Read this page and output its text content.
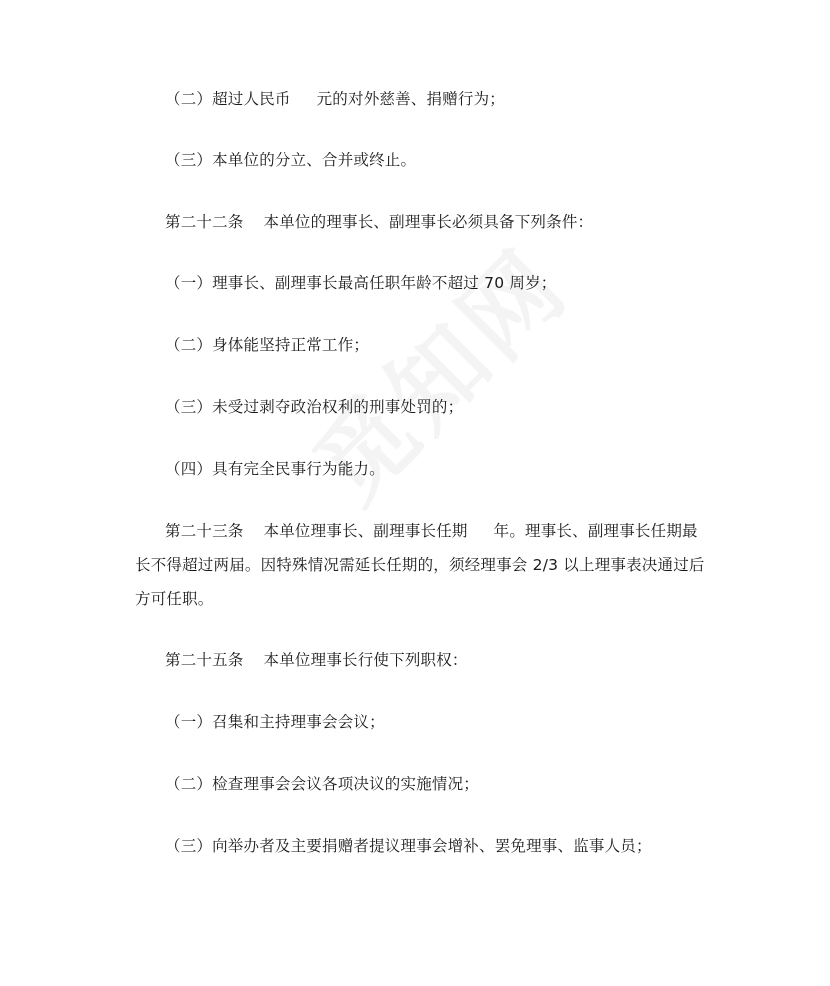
（二）超过人民币 元的对外慈善、捐赠行为；
（三）本单位的分立、合并或终止。
第二十二条 本单位的理事长、副理事长必须具备下列条件：
（一）理事长、副理事长最高任职年龄不超过 70 周岁；
（二）身体能坚持正常工作；
（三）未受过剥夺政治权利的刑事处罚的；
（四）具有完全民事行为能力。
第二十三条 本单位理事长、副理事长任期 年。理事长、副理事长任期最
长不得超过两届。因特殊情况需延长任期的，须经理事会 2/3 以上理事表决通过后
方可任职。
第二十五条 本单位理事长行使下列职权：
（一）召集和主持理事会会议；
（二）检查理事会会议各项决议的实施情况；
（三）向举办者及主要捐赠者提议理事会增补、罢免理事、监事人员；
